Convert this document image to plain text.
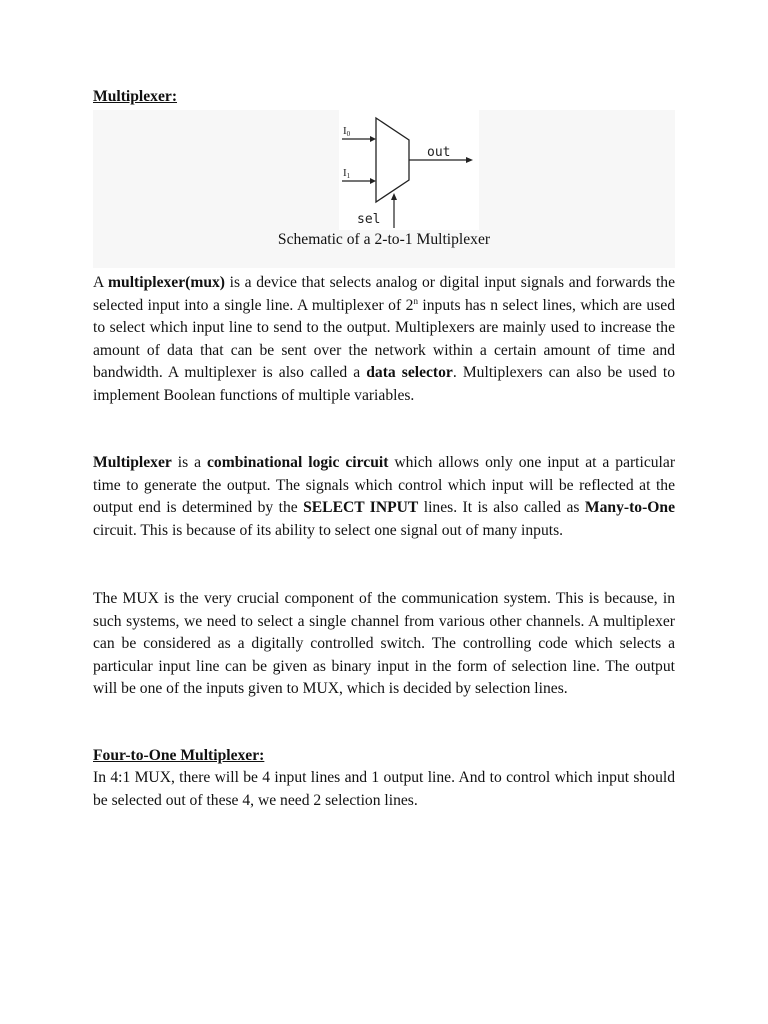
Multiplexer:
I0
I1
out
sel
Schematic of a 2-to-1 Multiplexer

A multiplexer(mux) is a device that selects analog or digital input signals and forwards the selected input into a single line. A multiplexer of 2$^n$ inputs has n select lines, which are used to select which input line to send to the output. Multiplexers are mainly used to increase the amount of data that can be sent over the network within a certain amount of time and bandwidth. A multiplexer is also called a data selector. Multiplexers can also be used to implement Boolean functions of multiple variables.

Multiplexer is a combinational logic circuit which allows only one input at a particular time to generate the output. The signals which control which input will be reflected at the output end is determined by the SELECT INPUT lines. It is also called as Many-to-One circuit. This is because of its ability to select one signal out of many inputs.

The MUX is the very crucial component of the communication system. This is because, in such systems, we need to select a single channel from various other channels. A multiplexer can be considered as a digitally controlled switch. The controlling code which selects a particular input line can be given as binary input in the form of selection line. The output will be one of the inputs given to MUX, which is decided by selection lines.

Four-to-One Multiplexer:

In 4:1 MUX, there will be 4 input lines and 1 output line. And to control which input should be selected out of these 4, we need 2 selection lines.
